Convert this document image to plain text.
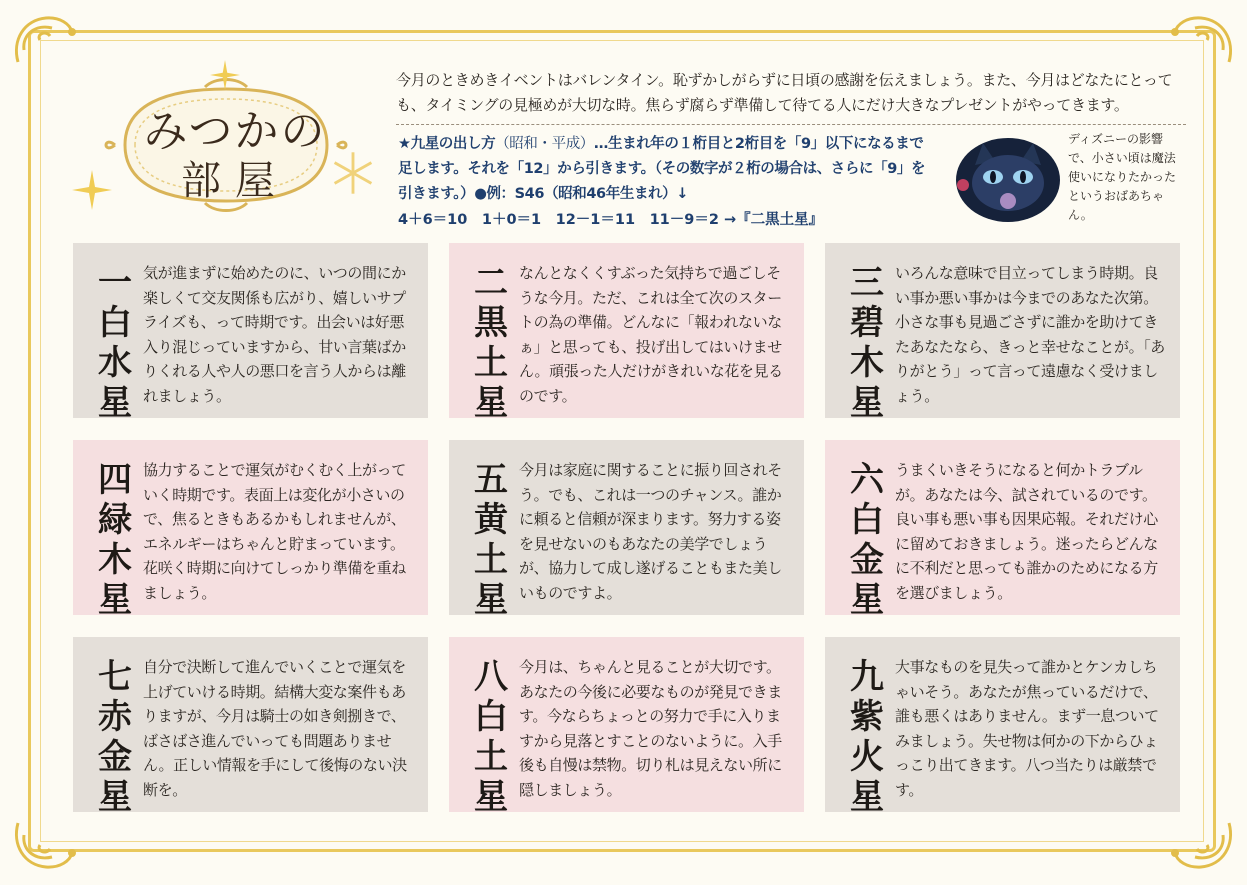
みつかの
部屋
今月のときめきイベントはバレンタイン。恥ずかしがらずに日頃の感謝を伝えましょう。また、今月はどなたにとっても、タイミングの見極めが大切な時。焦らず腐らず準備して待てる人にだけ大きなプレゼントがやってきます。
★九星の出し方（昭和・平成）…生まれ年の１桁目と2桁目を「9」以下になるまで足します。それを「12」から引きます。（その数字が２桁の場合は、さらに「9」を引きます。）●例：S46（昭和46年生まれ）↓
4＋6＝10　1＋0＝1　12－1＝11　11－9＝2 →『二黒土星』
ディズニーの影響で、小さい頃は魔法使いになりたかったというおばあちゃん。
一
白
水
星
気が進まずに始めたのに、いつの間にか楽しくて交友関係も広がり、嬉しいサプライズも、って時期です。出会いは好悪入り混じっていますから、甘い言葉ばかりくれる人や人の悪口を言う人からは離れましょう。
二
黒
土
星
なんとなくくすぶった気持ちで過ごしそうな今月。ただ、これは全て次のスタートの為の準備。どんなに「報われないなぁ」と思っても、投げ出してはいけません。頑張った人だけがきれいな花を見るのです。
三
碧
木
星
いろんな意味で目立ってしまう時期。良い事か悪い事かは今までのあなた次第。小さな事も見過ごさずに誰かを助けてきたあなたなら、きっと幸せなことが。「ありがとう」って言って遠慮なく受けましょう。
四
緑
木
星
協力することで運気がむくむく上がっていく時期です。表面上は変化が小さいので、焦るときもあるかもしれませんが、エネルギーはちゃんと貯まっています。花咲く時期に向けてしっかり準備を重ねましょう。
五
黄
土
星
今月は家庭に関することに振り回されそう。でも、これは一つのチャンス。誰かに頼ると信頼が深まります。努力する姿を見せないのもあなたの美学でしょうが、協力して成し遂げることもまた美しいものですよ。
六
白
金
星
うまくいきそうになると何かトラブルが。あなたは今、試されているのです。良い事も悪い事も因果応報。それだけ心に留めておきましょう。迷ったらどんなに不利だと思っても誰かのためになる方を選びましょう。
七
赤
金
星
自分で決断して進んでいくことで運気を上げていける時期。結構大変な案件もありますが、今月は騎士の如き剣捌きで、ばさばさ進んでいっても問題ありません。正しい情報を手にして後悔のない決断を。
八
白
土
星
今月は、ちゃんと見ることが大切です。あなたの今後に必要なものが発見できます。今ならちょっとの努力で手に入りますから見落とすことのないように。入手後も自慢は禁物。切り札は見えない所に隠しましょう。
九
紫
火
星
大事なものを見失って誰かとケンカしちゃいそう。あなたが焦っているだけで、誰も悪くはありません。まず一息ついてみましょう。失せ物は何かの下からひょっこり出てきます。八つ当たりは厳禁です。
